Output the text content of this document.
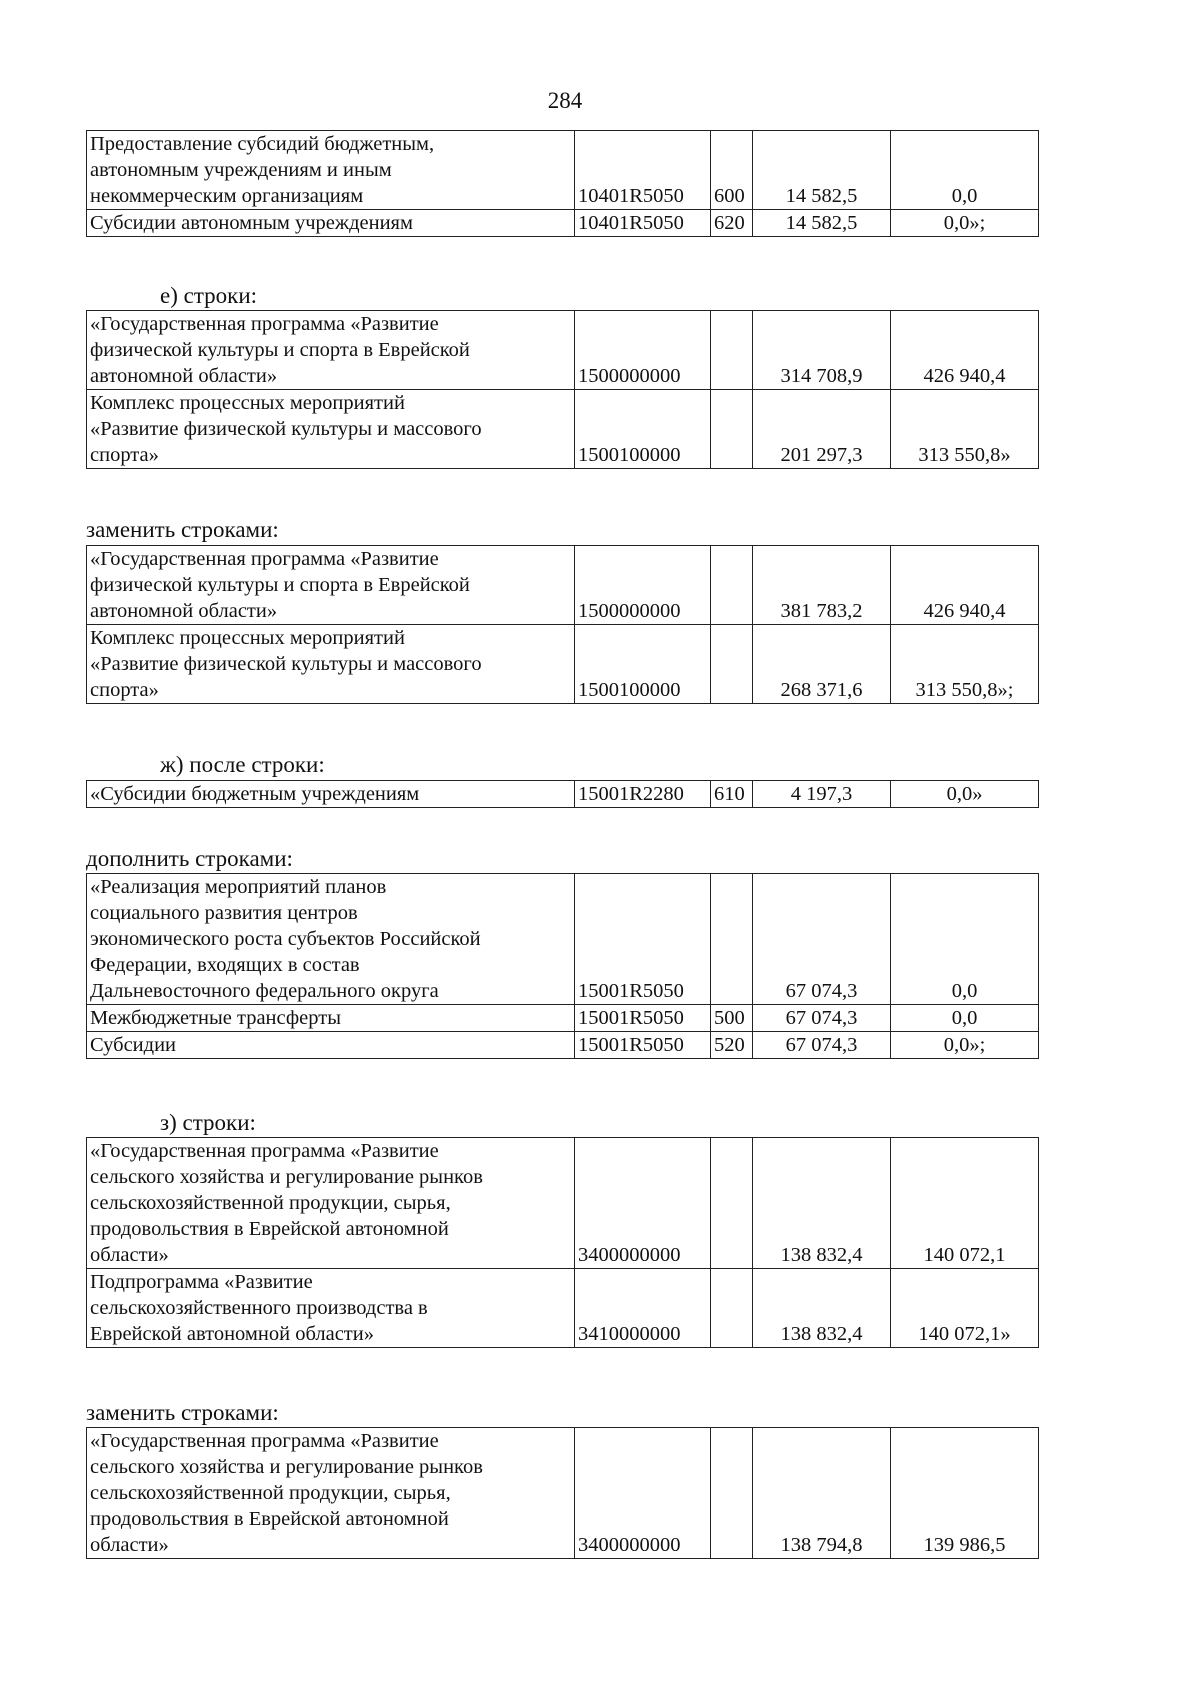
284
Предоставление субсидий бюджетным,
автономным учреждениям и иным
некоммерческим организациям	10401R5050	600	14 582,5	0,0
Субсидии автономным учреждениям	10401R5050	620	14 582,5	0,0»;
е) строки:
«Государственная программа «Развитие
физической культуры и спорта в Еврейской
автономной области»	1500000000		314 708,9	426 940,4
Комплекс процессных мероприятий
«Развитие физической культуры и массового
спорта»	1500100000		201 297,3	313 550,8»
заменить строками:
«Государственная программа «Развитие
физической культуры и спорта в Еврейской
автономной области»	1500000000		381 783,2	426 940,4
Комплекс процессных мероприятий
«Развитие физической культуры и массового
спорта»	1500100000		268 371,6	313 550,8»;
ж) после строки:
«Субсидии бюджетным учреждениям	15001R2280	610	4 197,3	0,0»
дополнить строками:
«Реализация мероприятий планов
социального развития центров
экономического роста субъектов Российской
Федерации, входящих в состав
Дальневосточного федерального округа	15001R5050		67 074,3	0,0
Межбюджетные трансферты	15001R5050	500	67 074,3	0,0
Субсидии	15001R5050	520	67 074,3	0,0»;
з) строки:
«Государственная программа «Развитие
сельского хозяйства и регулирование рынков
сельскохозяйственной продукции, сырья,
продовольствия в Еврейской автономной
области»	3400000000		138 832,4	140 072,1
Подпрограмма «Развитие
сельскохозяйственного производства в
Еврейской автономной области»	3410000000		138 832,4	140 072,1»
заменить строками:
«Государственная программа «Развитие
сельского хозяйства и регулирование рынков
сельскохозяйственной продукции, сырья,
продовольствия в Еврейской автономной
области»	3400000000		138 794,8	139 986,5
